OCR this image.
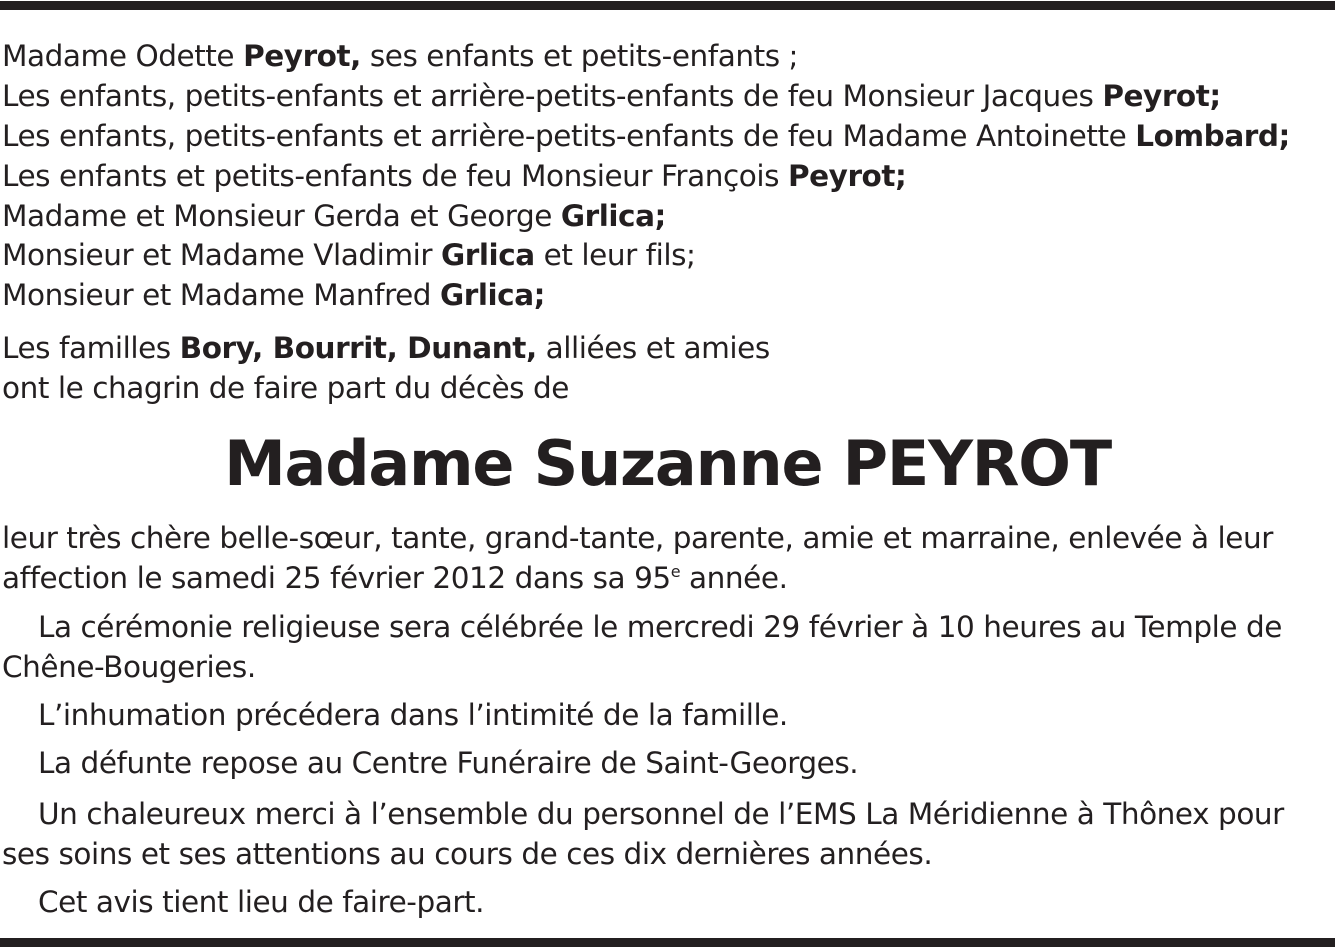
Madame Odette Peyrot, ses enfants et petits-enfants ;
Les enfants, petits-enfants et arrière-petits-enfants de feu Monsieur Jacques Peyrot;
Les enfants, petits-enfants et arrière-petits-enfants de feu Madame Antoinette Lombard;
Les enfants et petits-enfants de feu Monsieur François Peyrot;
Madame et Monsieur Gerda et George Grlica;
Monsieur et Madame Vladimir Grlica et leur fils;
Monsieur et Madame Manfred Grlica;
Les familles Bory, Bourrit, Dunant, alliées et amies
ont le chagrin de faire part du décès de
Madame Suzanne PEYROT
leur très chère belle-sœur, tante, grand-tante, parente, amie et marraine, enlevée à leur
affection le samedi 25 février 2012 dans sa 95e année.
La cérémonie religieuse sera célébrée le mercredi 29 février à 10 heures au Temple de
Chêne-Bougeries.
L’inhumation précédera dans l’intimité de la famille.
La défunte repose au Centre Funéraire de Saint-Georges.
Un chaleureux merci à l’ensemble du personnel de l’EMS La Méridienne à Thônex pour
ses soins et ses attentions au cours de ces dix dernières années.
Cet avis tient lieu de faire-part.
